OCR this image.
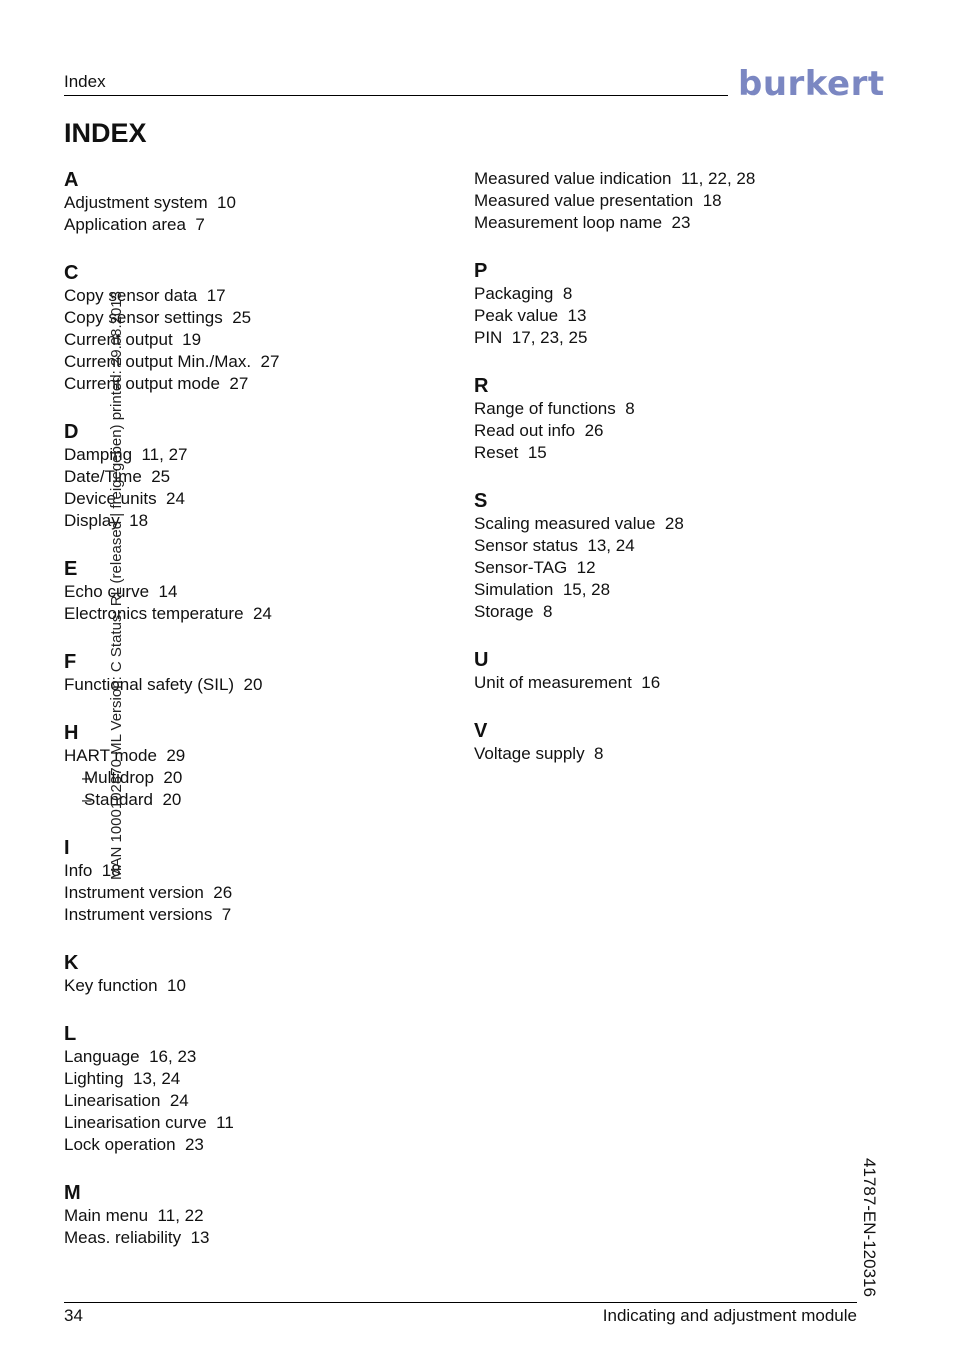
Index	burkert
INDEX
A
Adjustment system  10
Application area  7
C
Copy sensor data  17
Copy sensor settings  25
Current output  19
Current output Min./Max.  27
Current output mode  27
D
Damping  11, 27
Date/Time  25
Device units  24
Display  18
E
Echo curve  14
Electronics temperature  24
F
Functional safety (SIL)  20
H
HART mode  29
– Multidrop  20
– Standard  20
I
Info  18
Instrument version  26
Instrument versions  7
K
Key function  10
L
Language  16, 23
Lighting  13, 24
Linearisation  24
Linearisation curve  11
Lock operation  23
M
Main menu  11, 22
Meas. reliability  13
Measured value indication  11, 22, 28
Measured value presentation  18
Measurement loop name  23
P
Packaging  8
Peak value  13
PIN  17, 23, 25
R
Range of functions  8
Read out info  26
Reset  15
S
Scaling measured value  28
Sensor status  13, 24
Sensor-TAG  12
Simulation  15, 28
Storage  8
U
Unit of measurement  16
V
Voltage supply  8
MAN 1000102870 ML Version: C Status: RL (released | freigegeben) printed: 29.08.2013
41787-EN-120316
34	Indicating and adjustment module
